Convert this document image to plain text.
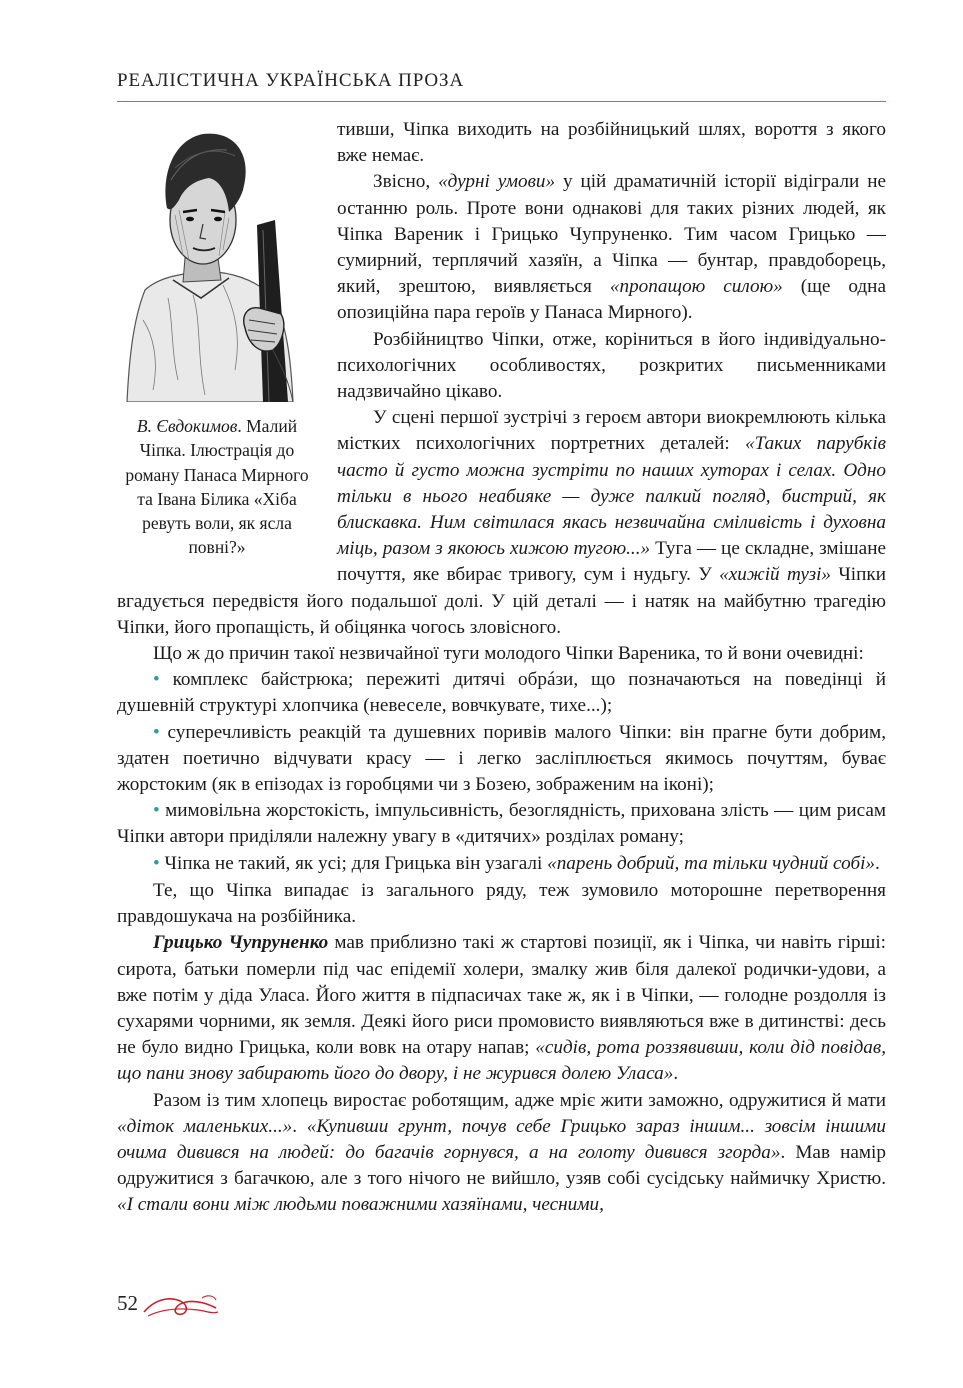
РЕАЛІСТИЧНА УКРАЇНСЬКА ПРОЗА
В. Євдокимов. Малий Чіпка. Ілюстрація до роману Панаса Мирного та Івана Білика «Хіба ревуть воли, як ясла повні?»

тивши, Чіпка виходить на розбійницький шлях, вороття з якого вже немає.

Звісно, «дурні умови» у цій драматичній історії відіграли не останню роль. Проте вони однакові для таких різних людей, як Чіпка Вареник і Грицько Чупруненко. Тим часом Грицько — сумирний, терплячий хазяїн, а Чіпка — бунтар, правдоборець, який, зрештою, виявляється «пропащою силою» (ще одна опозиційна пара героїв у Панаса Мирного).

Розбійництво Чіпки, отже, коріниться в його індивідуально-психологічних особливостях, розкритих письменниками надзвичайно цікаво.

У сцені першої зустрічі з героєм автори виокремлюють кілька містких психологічних портретних деталей: «Таких парубків часто й густо можна зустріти по наших хуторах і селах. Одно тільки в нього неабияке — дуже палкий погляд, бистрий, як блискавка. Ним світилася якась незвичайна сміливість і духовна міць, разом з якоюсь хижою тугою...» Туга — це складне, змішане почуття, яке вбирає тривогу, сум і нудьгу. У «хижій тузі» Чіпки вгадується передвістя його подальшої долі. У цій деталі — і натяк на майбутню трагедію Чіпки, його пропащість, й обіцянка чогось зловісного.

Що ж до причин такої незвичайної туги молодого Чіпки Вареника, то й вони очевидні:

• комплекс байстрюка; пережиті дитячі обрáзи, що позначаються на поведінці й душевній структурі хлопчика (невеселе, вовчкувате, тихе...);

• суперечливість реакцій та душевних поривів малого Чіпки: він прагне бути добрим, здатен поетично відчувати красу — і легко засліплюється якимось почуттям, буває жорстоким (як в епізодах із горобцями чи з Бозею, зображеним на іконі);

• мимовільна жорстокість, імпульсивність, безоглядність, прихована злість — цим рисам Чіпки автори приділяли належну увагу в «дитячих» розділах роману;

• Чіпка не такий, як усі; для Грицька він узагалі «парень добрий, та тільки чудний собі».

Те, що Чіпка випадає із загального ряду, теж зумовило моторошне перетворення правдошукача на розбійника.

Грицько Чупруненко мав приблизно такі ж стартові позиції, як і Чіпка, чи навіть гірші: сирота, батьки померли під час епідемії холери, змалку жив біля далекої родички-удови, а вже потім у діда Уласа. Його життя в підпасичах таке ж, як і в Чіпки, — голодне роздолля із сухарями чорними, як земля. Деякі його риси промовисто виявляються вже в дитинстві: десь не було видно Грицька, коли вовк на отару напав; «сидів, рота роззявивши, коли дід повідав, що пани знову забирають його до двору, і не журився долею Уласа».

Разом із тим хлопець виростає роботящим, адже мріє жити заможно, одружитися й мати «діток маленьких...». «Купивши грунт, почув себе Грицько зараз іншим... зовсім іншими очима дивився на людей: до багачів горнувся, а на голоту дивився згорда». Мав намір одружитися з багачкою, але з того нічого не вийшло, узяв собі сусідську наймичку Христю. «І стали вони між людьми поважними хазяїнами, чесними,

52
